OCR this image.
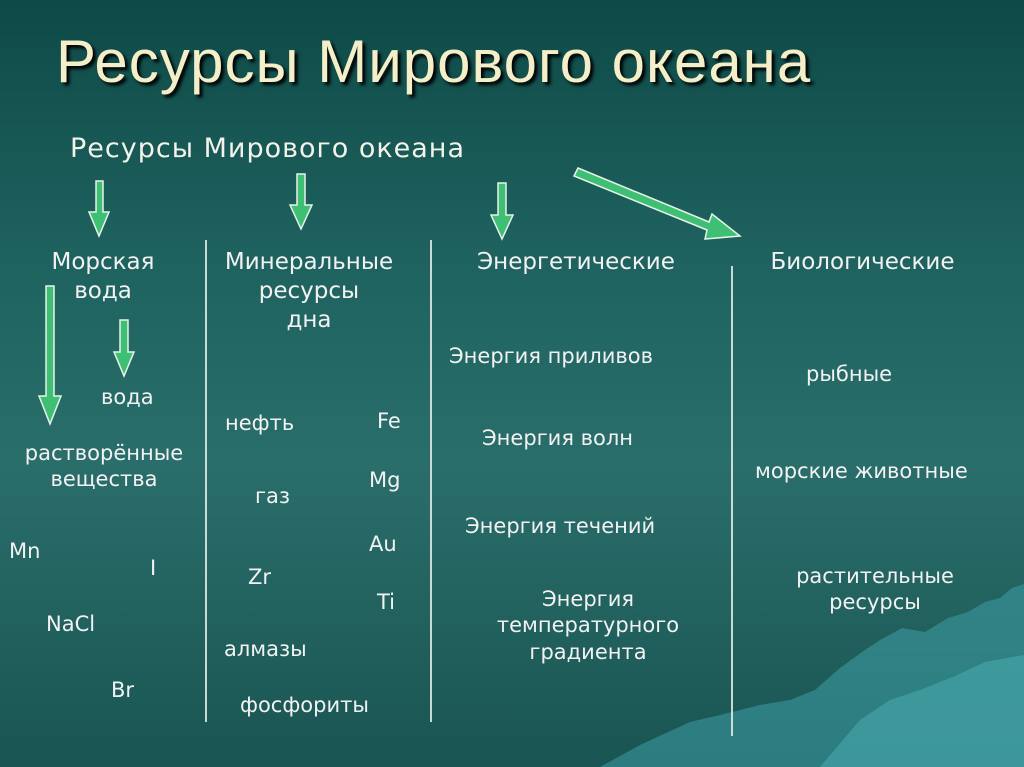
Ресурсы Мирового океана
Ресурсы Мирового океана
Морская
вода
вода
растворённые
вещества
Mn
I
NaCl
Br
Минеральные
ресурсы
дна
нефть	Fe
Mg
газ
Au
Zr
Ti
алмазы
фосфориты
Энергетические
Энергия приливов
Энергия волн
Энергия течений
Энергия
температурного
градиента
Биологические
рыбные
морские животные
растительные
ресурсы
